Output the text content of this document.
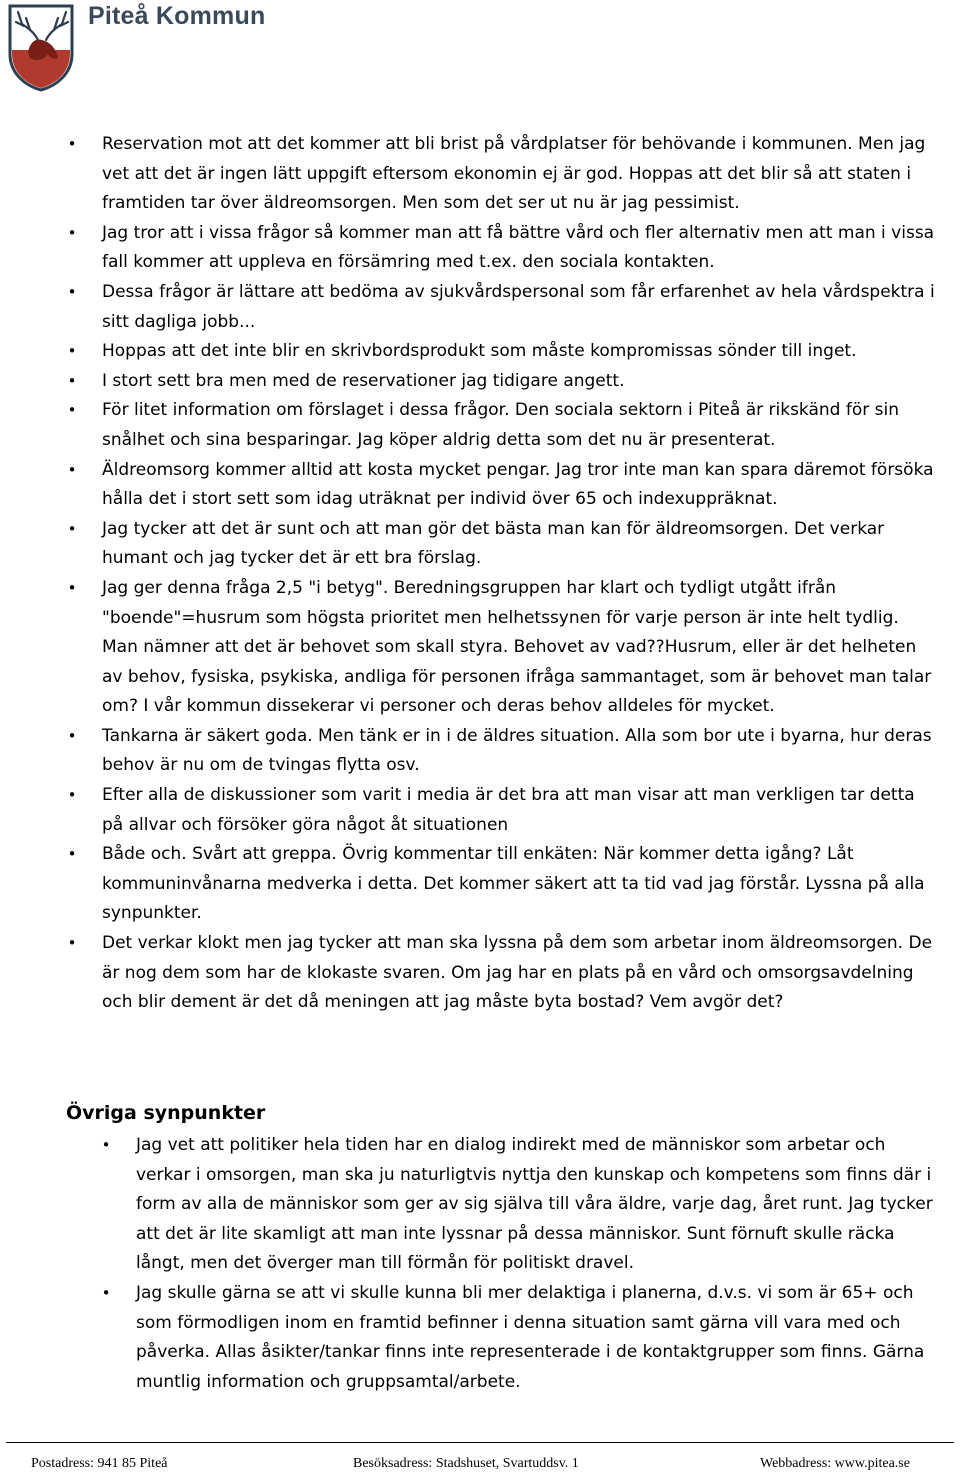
Piteå Kommun
• Reservation mot att det kommer att bli brist på vårdplatser för behövande i kommunen. Men jag vet att det är ingen lätt uppgift eftersom ekonomin ej är god. Hoppas att det blir så att staten i framtiden tar över äldreomsorgen. Men som det ser ut nu är jag pessimist.
• Jag tror att i vissa frågor så kommer man att få bättre vård och fler alternativ men att man i vissa fall kommer att uppleva en försämring med t.ex. den sociala kontakten.
• Dessa frågor är lättare att bedöma av sjukvårdspersonal som får erfarenhet av hela vårdspektra i sitt dagliga jobb...
• Hoppas att det inte blir en skrivbordsprodukt som måste kompromissas sönder till inget.
• I stort sett bra men med de reservationer jag tidigare angett.
• För litet information om förslaget i dessa frågor. Den sociala sektorn i Piteå är rikskänd för sin snålhet och sina besparingar. Jag köper aldrig detta som det nu är presenterat.
• Äldreomsorg kommer alltid att kosta mycket pengar. Jag tror inte man kan spara däremot försöka hålla det i stort sett som idag uträknat per individ över 65 och indexuppräknat.
• Jag tycker att det är sunt och att man gör det bästa man kan för äldreomsorgen. Det verkar humant och jag tycker det är ett bra förslag.
• Jag ger denna fråga 2,5 "i betyg". Beredningsgruppen har klart och tydligt utgått ifrån "boende"=husrum som högsta prioritet men helhetssynen för varje person är inte helt tydlig. Man nämner att det är behovet som skall styra. Behovet av vad??Husrum, eller är det helheten av behov, fysiska, psykiska, andliga för personen ifråga sammantaget, som är behovet man talar om? I vår kommun dissekerar vi personer och deras behov alldeles för mycket.
• Tankarna är säkert goda. Men tänk er in i de äldres situation. Alla som bor ute i byarna, hur deras behov är nu om de tvingas flytta osv.
• Efter alla de diskussioner som varit i media är det bra att man visar att man verkligen tar detta på allvar och försöker göra något åt situationen
• Både och. Svårt att greppa. Övrig kommentar till enkäten: När kommer detta igång? Låt kommuninvånarna medverka i detta. Det kommer säkert att ta tid vad jag förstår. Lyssna på alla synpunkter.
• Det verkar klokt men jag tycker att man ska lyssna på dem som arbetar inom äldreomsorgen. De är nog dem som har de klokaste svaren. Om jag har en plats på en vård och omsorgsavdelning och blir dement är det då meningen att jag måste byta bostad? Vem avgör det?
Övriga synpunkter
• Jag vet att politiker hela tiden har en dialog indirekt med de människor som arbetar och verkar i omsorgen, man ska ju naturligtvis nyttja den kunskap och kompetens som finns där i form av alla de människor som ger av sig själva till våra äldre, varje dag, året runt. Jag tycker att det är lite skamligt att man inte lyssnar på dessa människor. Sunt förnuft skulle räcka långt, men det överger man till förmån för politiskt dravel.
• Jag skulle gärna se att vi skulle kunna bli mer delaktiga i planerna, d.v.s. vi som är 65+ och som förmodligen inom en framtid befinner i denna situation samt gärna vill vara med och påverka. Allas åsikter/tankar finns inte representerade i de kontaktgrupper som finns. Gärna muntlig information och gruppsamtal/arbete.
Postadress: 941 85 Piteå	Besöksadress: Stadshuset, Svartuddsv. 1	Webbadress: www.pitea.se
